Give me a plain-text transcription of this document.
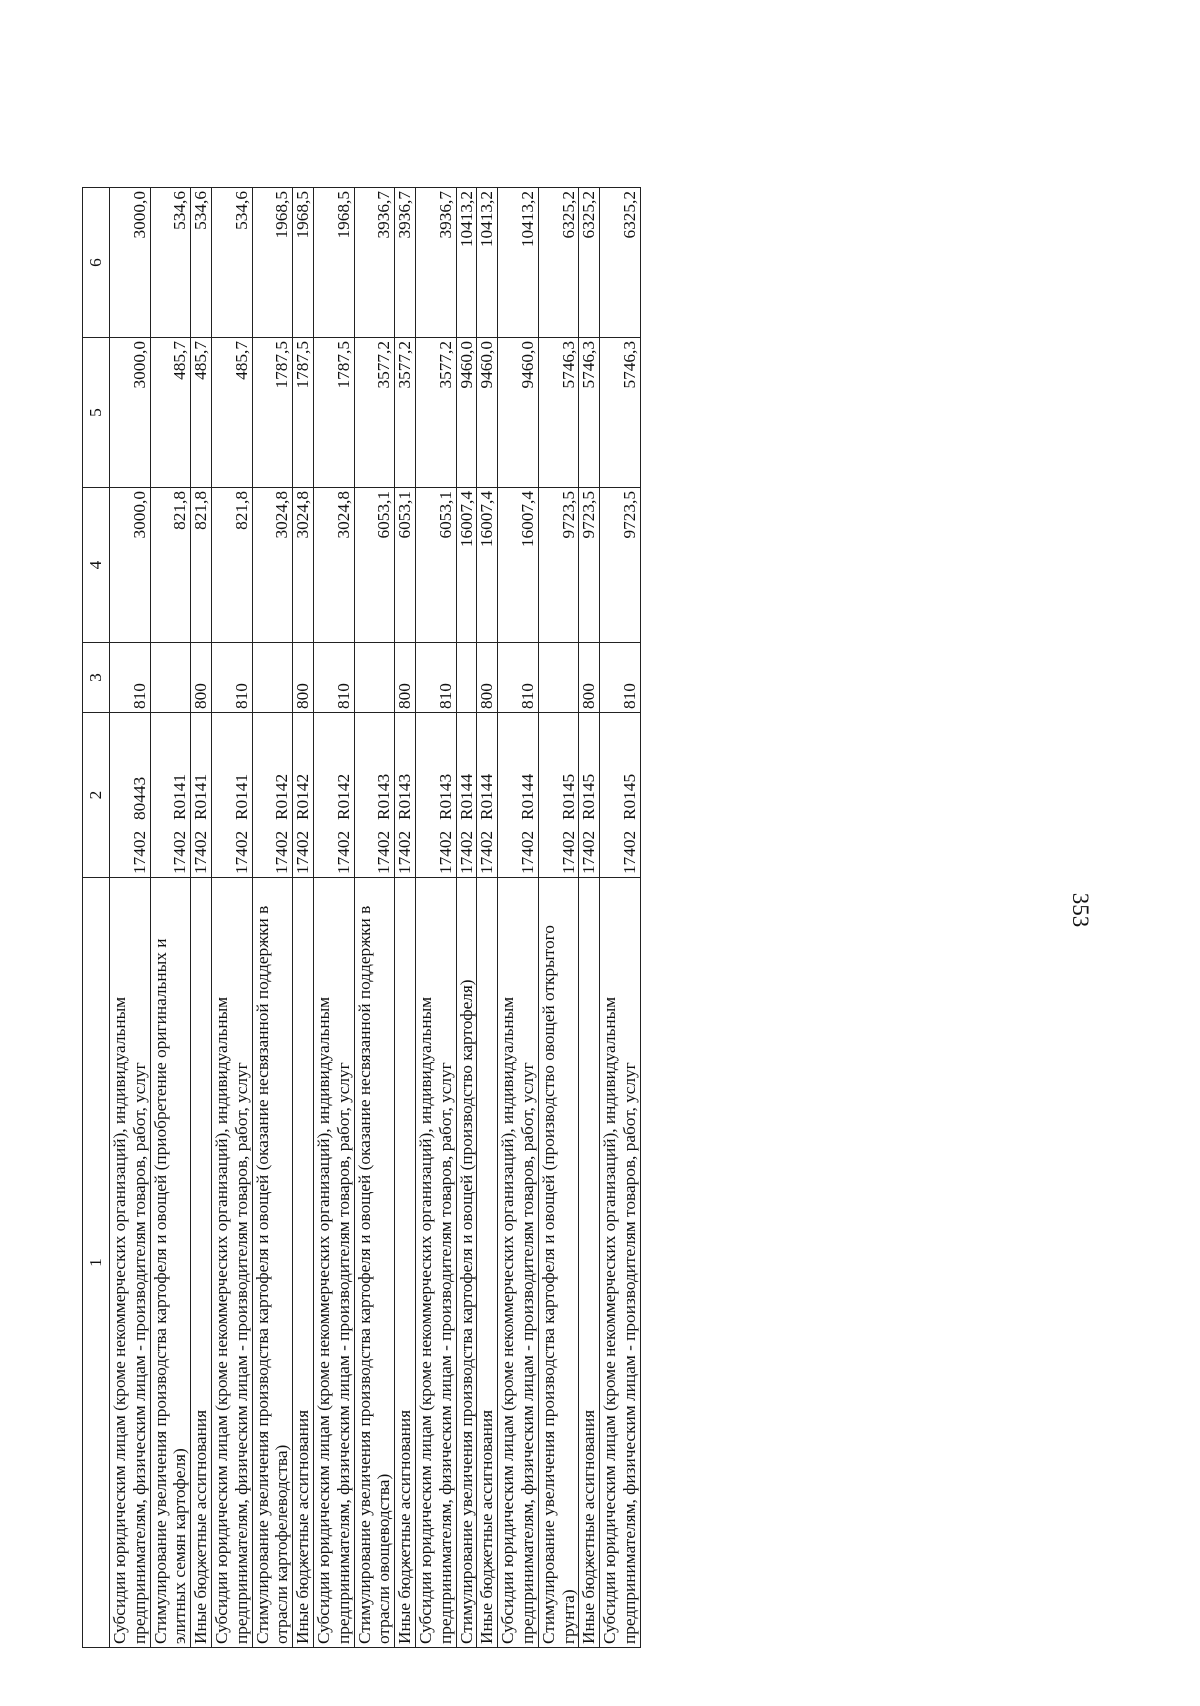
353
1	2	3	4	5	6
Субсидии юридическим лицам (кроме некоммерческих организаций), индивидуальным предпринимателям, физическим лицам - производителям товаров, работ, услуг	1740280443	810	3000,0	3000,0	3000,0
Стимулирование увеличения производства картофеля и овощей (приобретение оригинальных и элитных семян картофеля)	17402R0141		821,8	485,7	534,6
Иные бюджетные ассигнования	17402R0141	800	821,8	485,7	534,6
Субсидии юридическим лицам (кроме некоммерческих организаций), индивидуальным предпринимателям, физическим лицам - производителям товаров, работ, услуг	17402R0141	810	821,8	485,7	534,6
Стимулирование увеличения производства картофеля и овощей (оказание несвязанной поддержки в отрасли картофелеводства)	17402R0142		3024,8	1787,5	1968,5
Иные бюджетные ассигнования	17402R0142	800	3024,8	1787,5	1968,5
Субсидии юридическим лицам (кроме некоммерческих организаций), индивидуальным предпринимателям, физическим лицам - производителям товаров, работ, услуг	17402R0142	810	3024,8	1787,5	1968,5
Стимулирование увеличения производства картофеля и овощей (оказание несвязанной поддержки в отрасли овощеводства)	17402R0143		6053,1	3577,2	3936,7
Иные бюджетные ассигнования	17402R0143	800	6053,1	3577,2	3936,7
Субсидии юридическим лицам (кроме некоммерческих организаций), индивидуальным предпринимателям, физическим лицам - производителям товаров, работ, услуг	17402R0143	810	6053,1	3577,2	3936,7
Стимулирование увеличения производства картофеля и овощей (производство картофеля)	17402R0144		16007,4	9460,0	10413,2
Иные бюджетные ассигнования	17402R0144	800	16007,4	9460,0	10413,2
Субсидии юридическим лицам (кроме некоммерческих организаций), индивидуальным предпринимателям, физическим лицам - производителям товаров, работ, услуг	17402R0144	810	16007,4	9460,0	10413,2
Стимулирование увеличения производства картофеля и овощей (производство овощей открытого грунта)	17402R0145		9723,5	5746,3	6325,2
Иные бюджетные ассигнования	17402R0145	800	9723,5	5746,3	6325,2
Субсидии юридическим лицам (кроме некоммерческих организаций), индивидуальным предпринимателям, физическим лицам - производителям товаров, работ, услуг	17402R0145	810	9723,5	5746,3	6325,2
